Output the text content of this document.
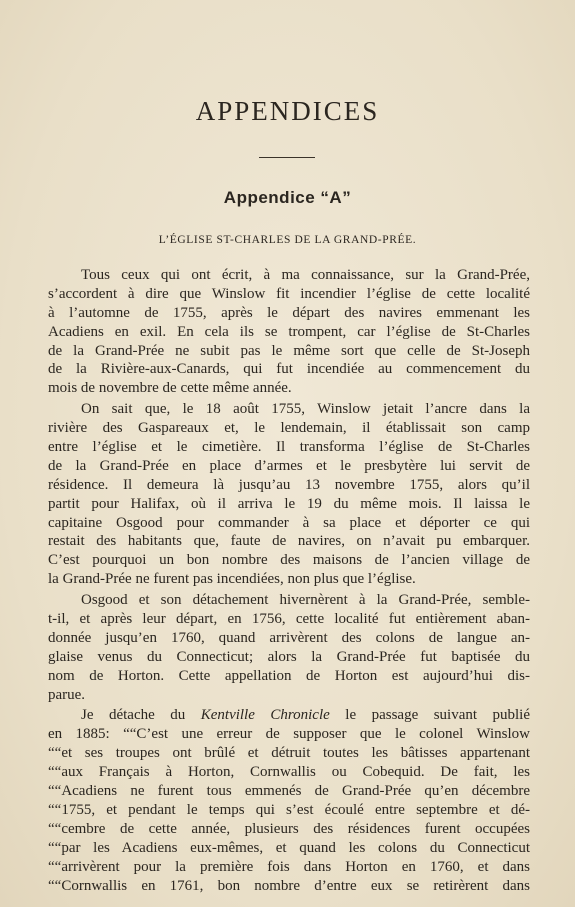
APPENDICES
Appendice “A”
L’ÉGLISE ST-CHARLES DE LA GRAND-PRÉE.
Tous ceux qui ont écrit, à ma connaissance, sur la Grand-Prée,
s’accordent à dire que Winslow fit incendier l’église de cette localité
à l’automne de 1755, après le départ des navires emmenant les
Acadiens en exil. En cela ils se trompent, car l’église de St-Charles
de la Grand-Prée ne subit pas le même sort que celle de St-Joseph
de la Rivière-aux-Canards, qui fut incendiée au commencement du
mois de novembre de cette même année.
On sait que, le 18 août 1755, Winslow jetait l’ancre dans la
rivière des Gaspareaux et, le lendemain, il établissait son camp
entre l’église et le cimetière. Il transforma l’église de St-Charles
de la Grand-Prée en place d’armes et le presbytère lui servit de
résidence. Il demeura là jusqu’au 13 novembre 1755, alors qu’il
partit pour Halifax, où il arriva le 19 du même mois. Il laissa le
capitaine Osgood pour commander à sa place et déporter ce qui
restait des habitants que, faute de navires, on n’avait pu embarquer.
C’est pourquoi un bon nombre des maisons de l’ancien village de
la Grand-Prée ne furent pas incendiées, non plus que l’église.
Osgood et son détachement hivernèrent à la Grand-Prée, semble-
t-il, et après leur départ, en 1756, cette localité fut entièrement aban-
donnée jusqu’en 1760, quand arrivèrent des colons de langue an-
glaise venus du Connecticut; alors la Grand-Prée fut baptisée du
nom de Horton. Cette appellation de Horton est aujourd’hui dis-
parue.
Je détache du Kentville Chronicle le passage suivant publié
en 1885: ““C’est une erreur de supposer que le colonel Winslow
““et ses troupes ont brûlé et détruit toutes les bâtisses appartenant
““aux Français à Horton, Cornwallis ou Cobequid. De fait, les
““Acadiens ne furent tous emmenés de Grand-Prée qu’en décembre
““1755, et pendant le temps qui s’est écoulé entre septembre et dé-
““cembre de cette année, plusieurs des résidences furent occupées
““par les Acadiens eux-mêmes, et quand les colons du Connecticut
““arrivèrent pour la première fois dans Horton en 1760, et dans
““Cornwallis en 1761, bon nombre d’entre eux se retirèrent dans
